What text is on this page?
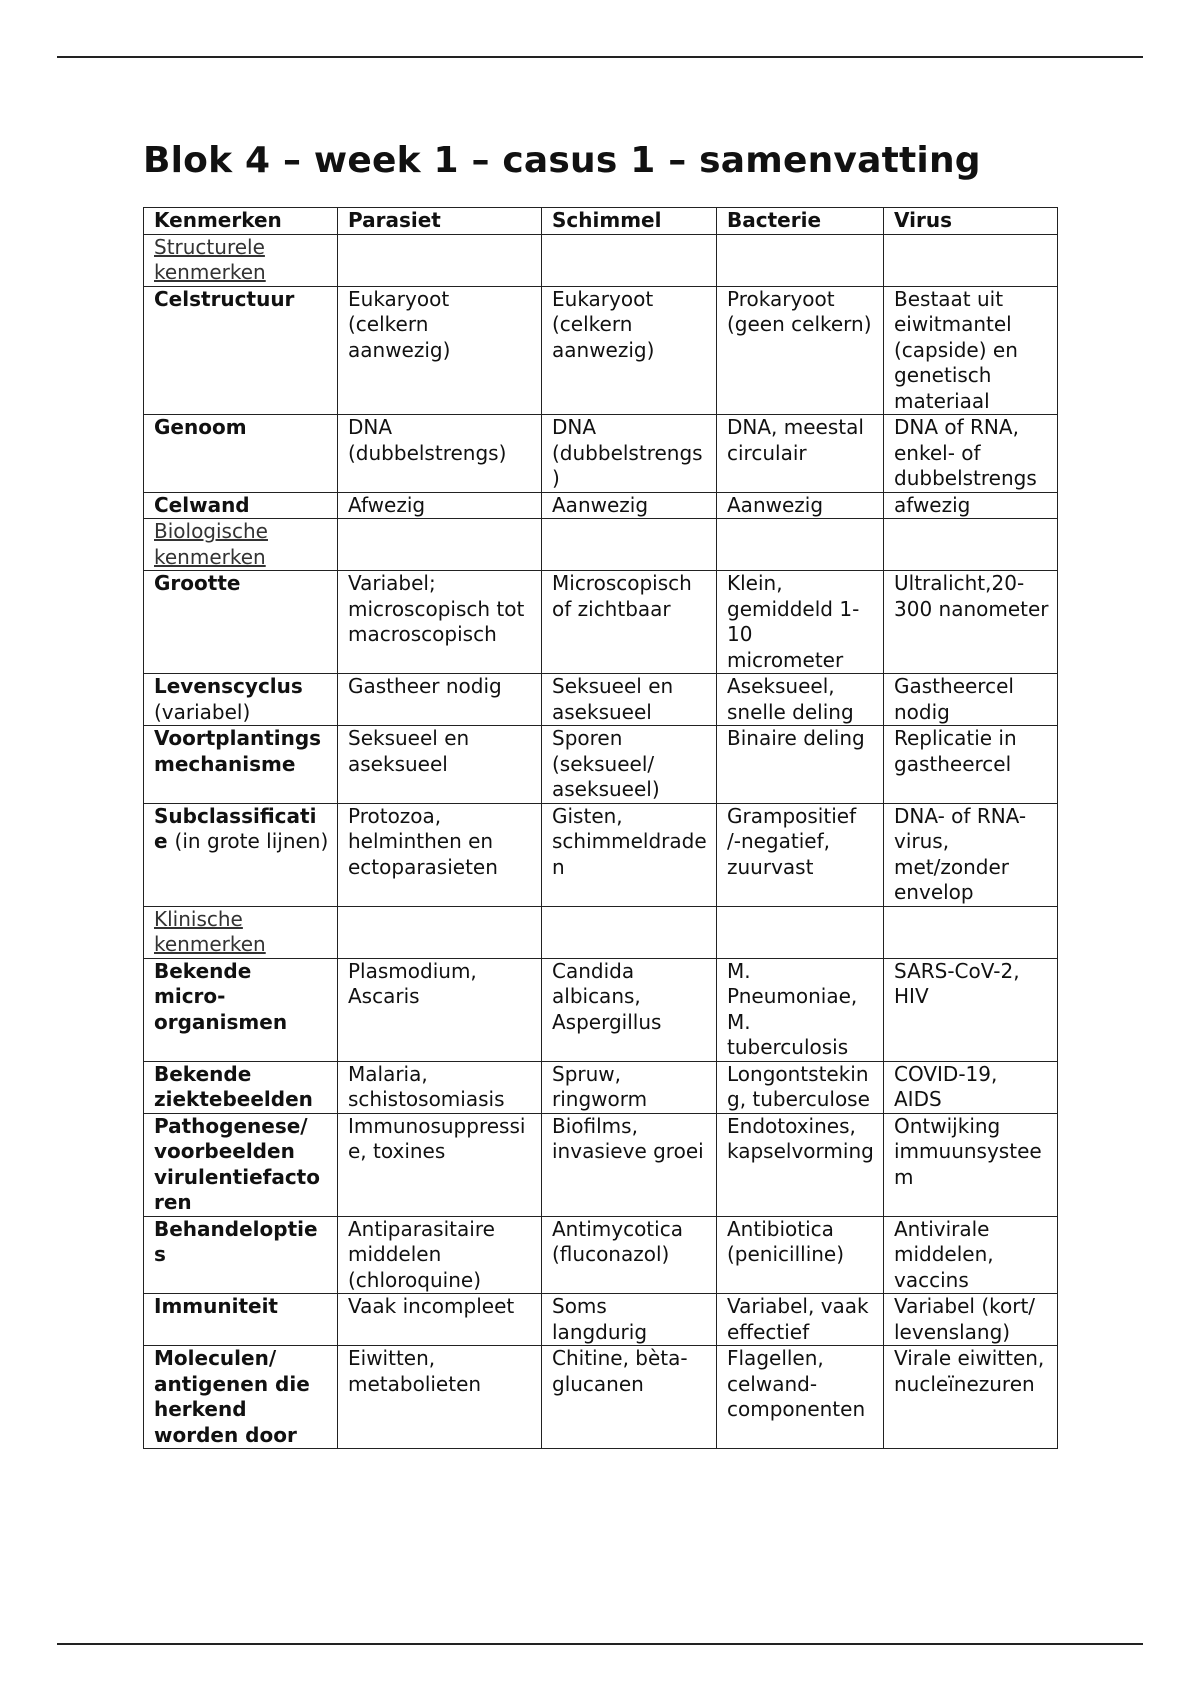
Blok 4 – week 1 – casus 1 – samenvatting
Kenmerken	Parasiet	Schimmel	Bacterie	Virus
Structurele kenmerken				
Celstructuur	Eukaryoot (celkern aanwezig)	Eukaryoot (celkern aanwezig)	Prokaryoot (geen celkern)	Bestaat uit eiwitmantel (capside) en genetisch materiaal
Genoom	DNA (dubbelstrengs)	DNA (dubbelstrengs)	DNA, meestal circulair	DNA of RNA, enkel- of dubbelstrengs
Celwand	Afwezig	Aanwezig	Aanwezig	afwezig
Biologische kenmerken				
Grootte	Variabel; microscopisch tot macroscopisch	Microscopisch of zichtbaar	Klein, gemiddeld 1-10 micrometer	Ultralicht,20-300 nanometer
Levenscyclus (variabel)	Gastheer nodig	Seksueel en aseksueel	Aseksueel, snelle deling	Gastheercel nodig
Voortplantingsmechanisme	Seksueel en aseksueel	Sporen (seksueel/ aseksueel)	Binaire deling	Replicatie in gastheercel
Subclassificatie (in grote lijnen)	Protozoa, helminthen en ectoparasieten	Gisten, schimmeldraden	Grampositief /-negatief, zuurvast	DNA- of RNA-virus, met/zonder envelop
Klinische kenmerken				
Bekende micro-organismen	Plasmodium, Ascaris	Candida albicans, Aspergillus	M. Pneumoniae, M. tuberculosis	SARS-CoV-2, HIV
Bekende ziektebeelden	Malaria, schistosomiasis	Spruw, ringworm	Longontsteking, tuberculose	COVID-19, AIDS
Pathogenese/ voorbeelden virulentiefactoren	Immunosuppressie, toxines	Biofilms, invasieve groei	Endotoxines, kapselvorming	Ontwijking immuunsysteem
Behandelopties	Antiparasitaire middelen (chloroquine)	Antimycotica (fluconazol)	Antibiotica (penicilline)	Antivirale middelen, vaccins
Immuniteit	Vaak incompleet	Soms langdurig	Variabel, vaak effectief	Variabel (kort/ levenslang)
Moleculen/ antigenen die herkend worden door	Eiwitten, metabolieten	Chitine, bèta-glucanen	Flagellen, celwand-componenten	Virale eiwitten, nucleïnezuren
